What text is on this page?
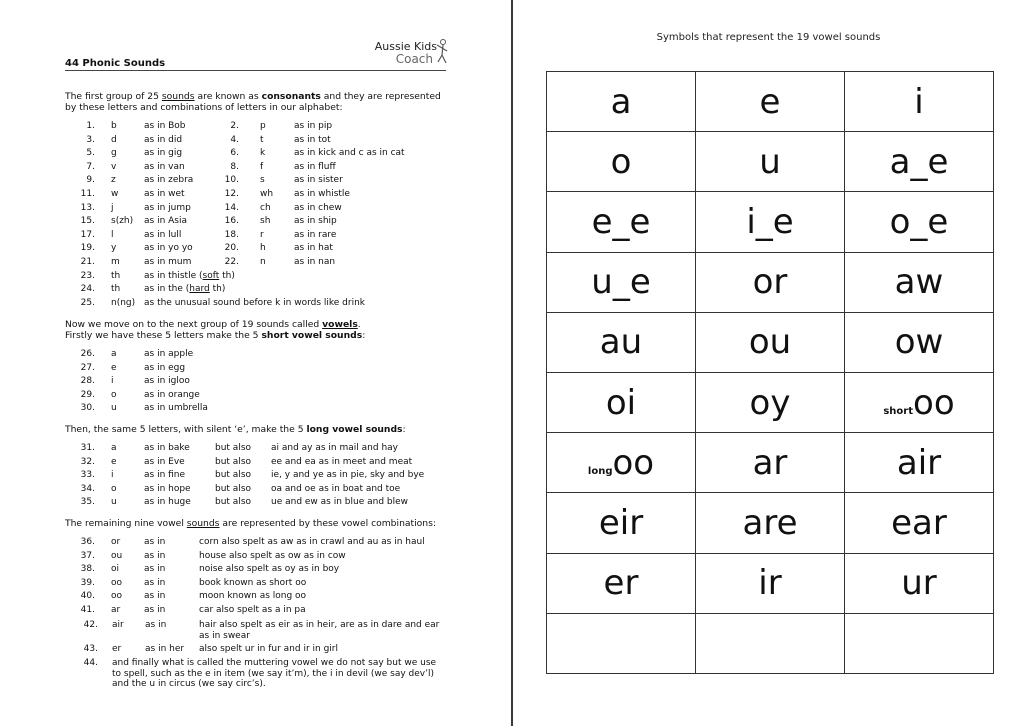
44 Phonic Sounds
Aussie Kids
Coach
The first group of 25 sounds are known as consonants and they are represented
by these letters and combinations of letters in our alphabet:
1. b	as in Bob	2. p	as in pip
3. d	as in did	4. t	as in tot
5. g	as in gig	6. k	as in kick and c as in cat
7. v	as in van	8. f	as in fluff
9. z	as in zebra	10. s	as in sister
11. w	as in wet	12. wh as in whistle
13. j	as in jump	14. ch	as in chew
15. s(zh) as in Asia	16. sh	as in ship
17. l	as in lull	18. r	as in rare
19. y	as in yo yo	20. h	as in hat
21. m	as in mum	22. n	as in nan
23. th	as in thistle (soft th)
24. th	as in the (hard th)
25. n(ng) as the unusual sound before k in words like drink
Now we move on to the next group of 19 sounds called vowels.
Firstly we have these 5 letters make the 5 short vowel sounds:
26. a	as in apple
27. e	as in egg
28. i	as in igloo
29. o	as in orange
30. u	as in umbrella
Then, the same 5 letters, with silent ‘e’, make the 5 long vowel sounds:
31. a	as in bake	but also ai and ay as in mail and hay
32. e	as in Eve	but also ee and ea as in meet and meat
33. i	as in fine	but also ie, y and ye as in pie, sky and bye
34. o	as in hope	but also oa and oe as in boat and toe
35. u	as in huge	but also ue and ew as in blue and blew
The remaining nine vowel sounds are represented by these vowel combinations:
36. or	as in	corn also spelt as aw as in crawl and au as in haul
37. ou as in	house also spelt as ow as in cow
38. oi	as in	noise also spelt as oy as in boy
39. oo as in	book known as short oo
40. oo as in	moon known as long oo
41. ar	as in	car also spelt as a in pa
42. air as in	hair also spelt as eir as in heir, are as in dare and ear as in swear
43. er	as in her also spelt ur in fur and ir in girl
44. and finally what is called the muttering vowel we do not say but we use to spell, such as the e in item (we say it’m), the i in devil (we say dev’l) and the u in circus (we say circ’s).
Symbols that represent the 19 vowel sounds
a	e	i
o	u	a_e
e_e	i_e	o_e
u_e	or	aw
au	ou	ow
oi	oy	shortoo
longoo	ar	air
eir	are	ear
er	ir	ur
